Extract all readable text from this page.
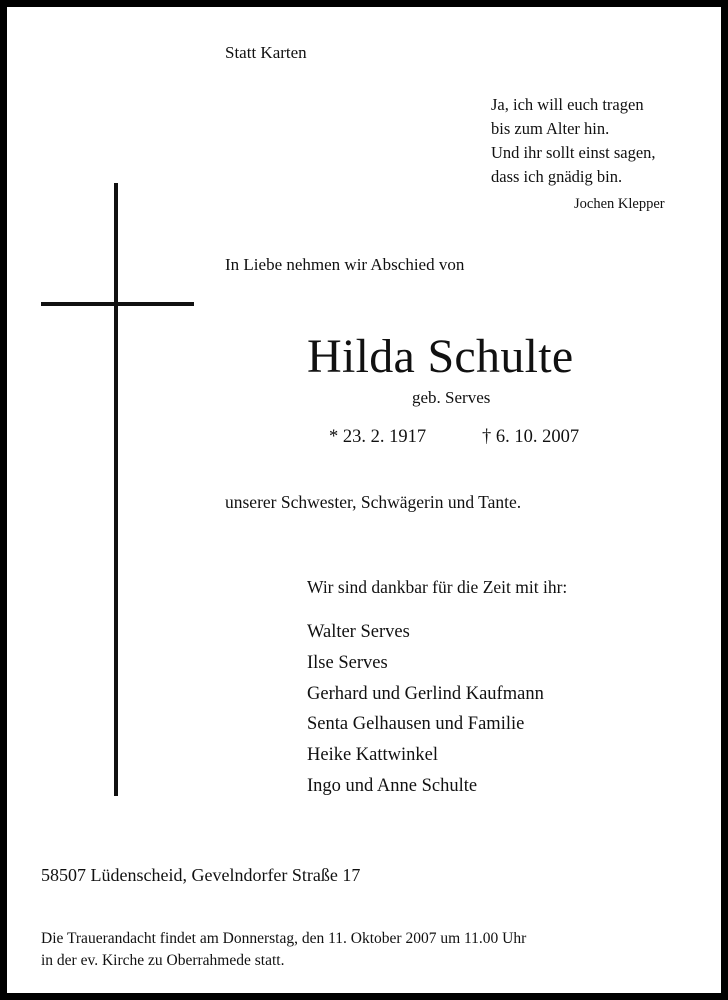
Statt Karten

Ja, ich will euch tragen
bis zum Alter hin.
Und ihr sollt einst sagen,
dass ich gnädig bin.

Jochen Klepper

In Liebe nehmen wir Abschied von

Hilda Schulte

geb. Serves

* 23. 2. 1917	† 6. 10. 2007

unserer Schwester, Schwägerin und Tante.

Wir sind dankbar für die Zeit mit ihr:

Walter Serves
Ilse Serves
Gerhard und Gerlind Kaufmann
Senta Gelhausen und Familie
Heike Kattwinkel
Ingo und Anne Schulte

58507 Lüdenscheid, Gevelndorfer Straße 17

Die Trauerandacht findet am Donnerstag, den 11. Oktober 2007 um 11.00 Uhr
in der ev. Kirche zu Oberrahmede statt.
